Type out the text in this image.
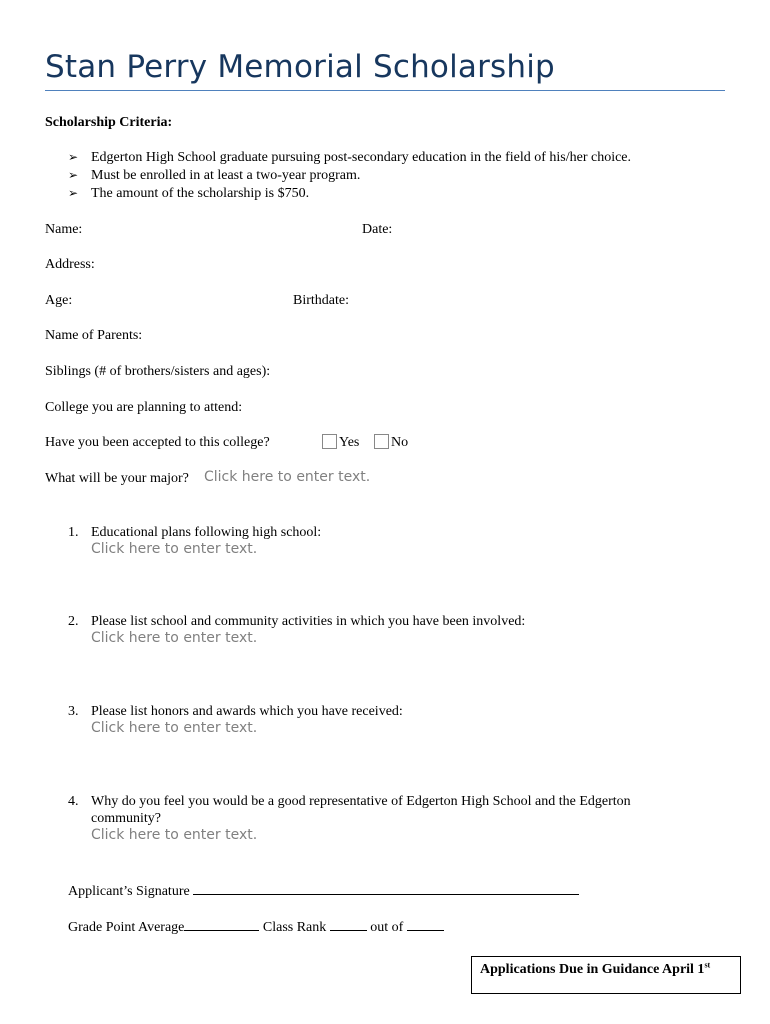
Stan Perry Memorial Scholarship
Scholarship Criteria:
➢ Edgerton High School graduate pursuing post-secondary education in the field of his/her choice.
➢ Must be enrolled in at least a two-year program.
➢ The amount of the scholarship is $750.
Name:	Date:
Address:
Age:	Birthdate:
Name of Parents:
Siblings (# of brothers/sisters and ages):
College you are planning to attend:
Have you been accepted to this college?	Yes No
What will be your major? Click here to enter text.
1. Educational plans following high school:
Click here to enter text.
2. Please list school and community activities in which you have been involved:
Click here to enter text.
3. Please list honors and awards which you have received:
Click here to enter text.
4. Why do you feel you would be a good representative of Edgerton High School and the Edgerton
community?
Click here to enter text.
Applicant’s Signature
Grade Point Average	Class Rank	out of
Applications Due in Guidance April 1st
